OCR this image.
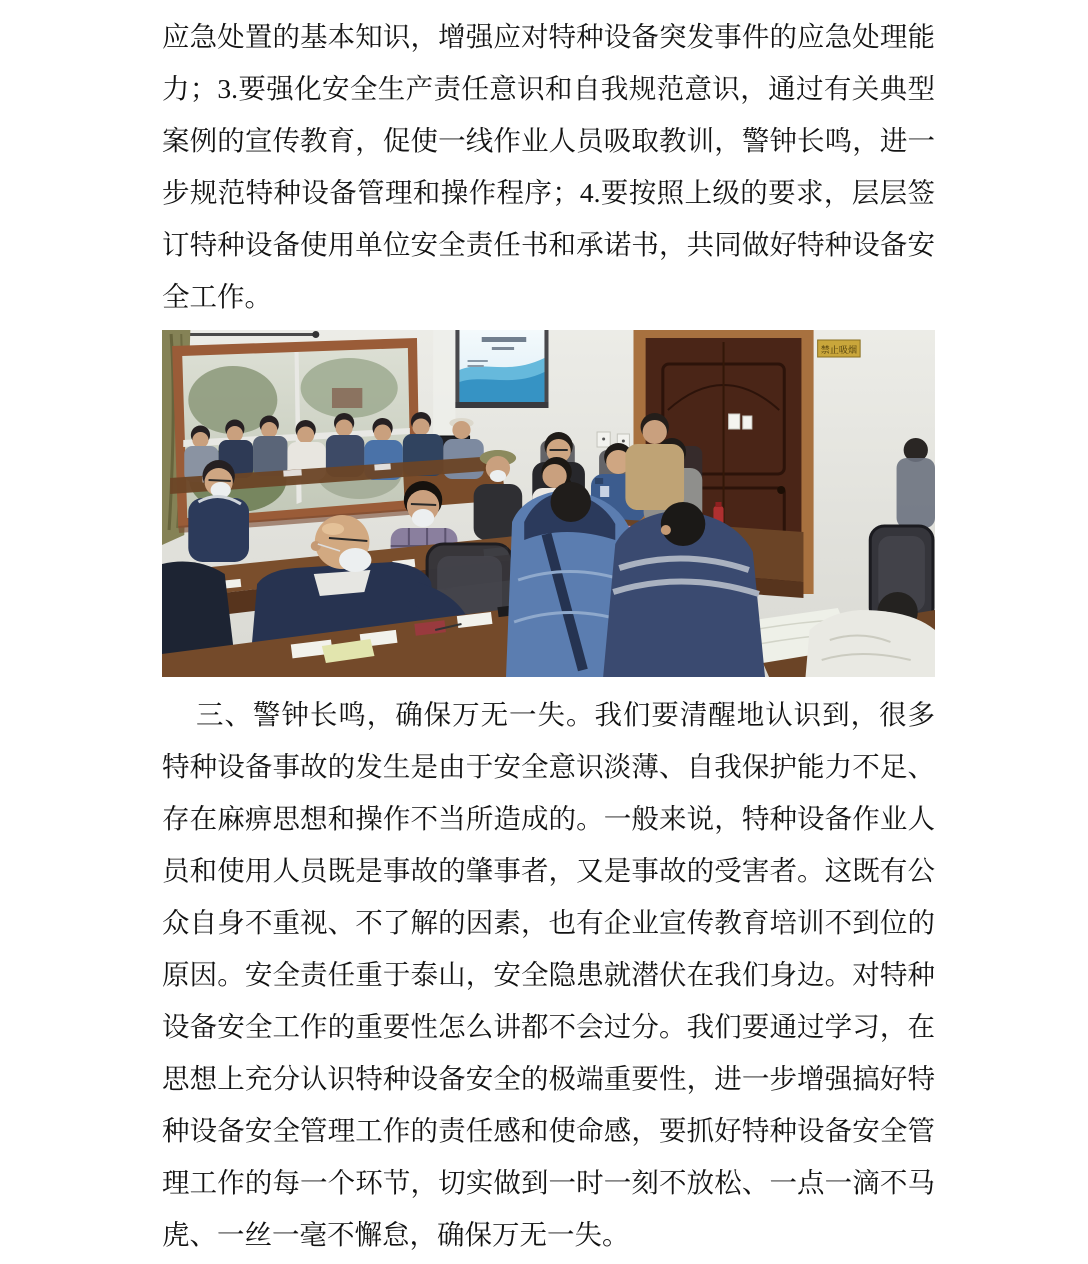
应急处置的基本知识，增强应对特种设备突发事件的应急处理能
力；3.要强化安全生产责任意识和自我规范意识，通过有关典型
案例的宣传教育，促使一线作业人员吸取教训，警钟长鸣，进一
步规范特种设备管理和操作程序；4.要按照上级的要求，层层签
订特种设备使用单位安全责任书和承诺书，共同做好特种设备安
全工作。
禁止吸烟
三、警钟长鸣，确保万无一失。我们要清醒地认识到，很多
特种设备事故的发生是由于安全意识淡薄、自我保护能力不足、
存在麻痹思想和操作不当所造成的。一般来说，特种设备作业人
员和使用人员既是事故的肇事者，又是事故的受害者。这既有公
众自身不重视、不了解的因素，也有企业宣传教育培训不到位的
原因。安全责任重于泰山，安全隐患就潜伏在我们身边。对特种
设备安全工作的重要性怎么讲都不会过分。我们要通过学习，在
思想上充分认识特种设备安全的极端重要性，进一步增强搞好特
种设备安全管理工作的责任感和使命感，要抓好特种设备安全管
理工作的每一个环节，切实做到一时一刻不放松、一点一滴不马
虎、一丝一毫不懈怠，确保万无一失。
